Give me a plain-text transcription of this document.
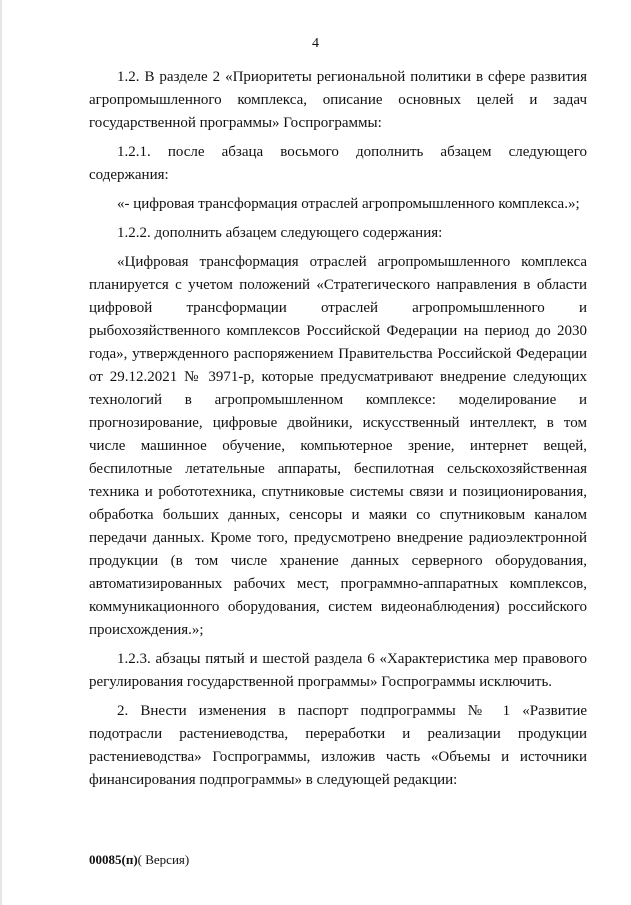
4

1.2. В разделе 2 «Приоритеты региональной политики в сфере развития агропромышленного комплекса, описание основных целей и задач государственной программы» Госпрограммы:

1.2.1. после абзаца восьмого дополнить абзацем следующего содержания:

«- цифровая трансформация отраслей агропромышленного комплекса.»;

1.2.2. дополнить абзацем следующего содержания:

«Цифровая трансформация отраслей агропромышленного комплекса планируется с учетом положений «Стратегического направления в области цифровой трансформации отраслей агропромышленного и рыбохозяйственного комплексов Российской Федерации на период до 2030 года», утвержденного распоряжением Правительства Российской Федерации от 29.12.2021 № 3971-р, которые предусматривают внедрение следующих технологий в агропромышленном комплексе: моделирование и прогнозирование, цифровые двойники, искусственный интеллект, в том числе машинное обучение, компьютерное зрение, интернет вещей, беспилотные летательные аппараты, беспилотная сельскохозяйственная техника и робототехника, спутниковые системы связи и позиционирования, обработка больших данных, сенсоры и маяки со спутниковым каналом передачи данных. Кроме того, предусмотрено внедрение радиоэлектронной продукции (в том числе хранение данных серверного оборудования, автоматизированных рабочих мест, программно-аппаратных комплексов, коммуникационного оборудования, систем видеонаблюдения) российского происхождения.»;

1.2.3. абзацы пятый и шестой раздела 6 «Характеристика мер правового регулирования государственной программы» Госпрограммы исключить.

2. Внести изменения в паспорт подпрограммы № 1 «Развитие подотрасли растениеводства, переработки и реализации продукции растениеводства» Госпрограммы, изложив часть «Объемы и источники финансирования подпрограммы» в следующей редакции:

00085(п)( Версия)
